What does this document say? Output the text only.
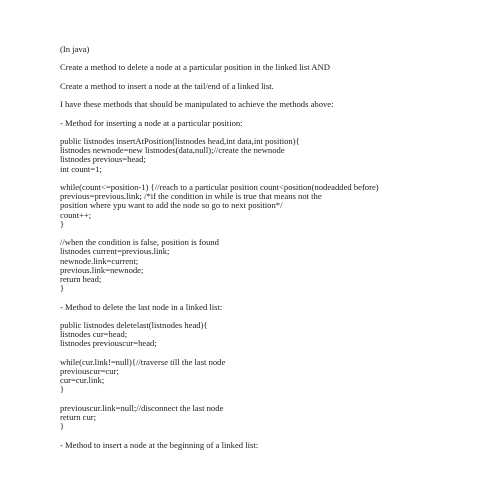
(In java)
Create a method to delete a node at a particular position in the linked list AND
Create a method to insert a node at the tail/end of a linked list.
I have these methods that should be manipulated to achieve the methods above:
- Method for inserting a node at a particular position:
public listnodes insertAtPosition(listnodes head,int data,int position){
listnodes newnode=new listnodes(data,null);//create the newnode
listnodes previous=head;
int count=1;
while(count<=position-1) {//reach to a particular position count<position(nodeadded before)
previous=previous.link; /*if the condition in while is true that means not the
position where ypu want to add the node so go to next position*/
count++;
}
//when the condition is false, position is found
listnodes current=previous.link;
newnode.link=current;
previous.link=newnode;
return head;
}
- Method to delete the last node in a linked list:
public listnodes deletelast(listnodes head){
listnodes cur=head;
listnodes previouscur=head;
while(cur.link!=null){//traverse till the last node
previouscur=cur;
cur=cur.link;
}
previouscur.link=null;//disconnect the last node
return cur;
}
- Method to insert a node at the beginning of a linked list:
